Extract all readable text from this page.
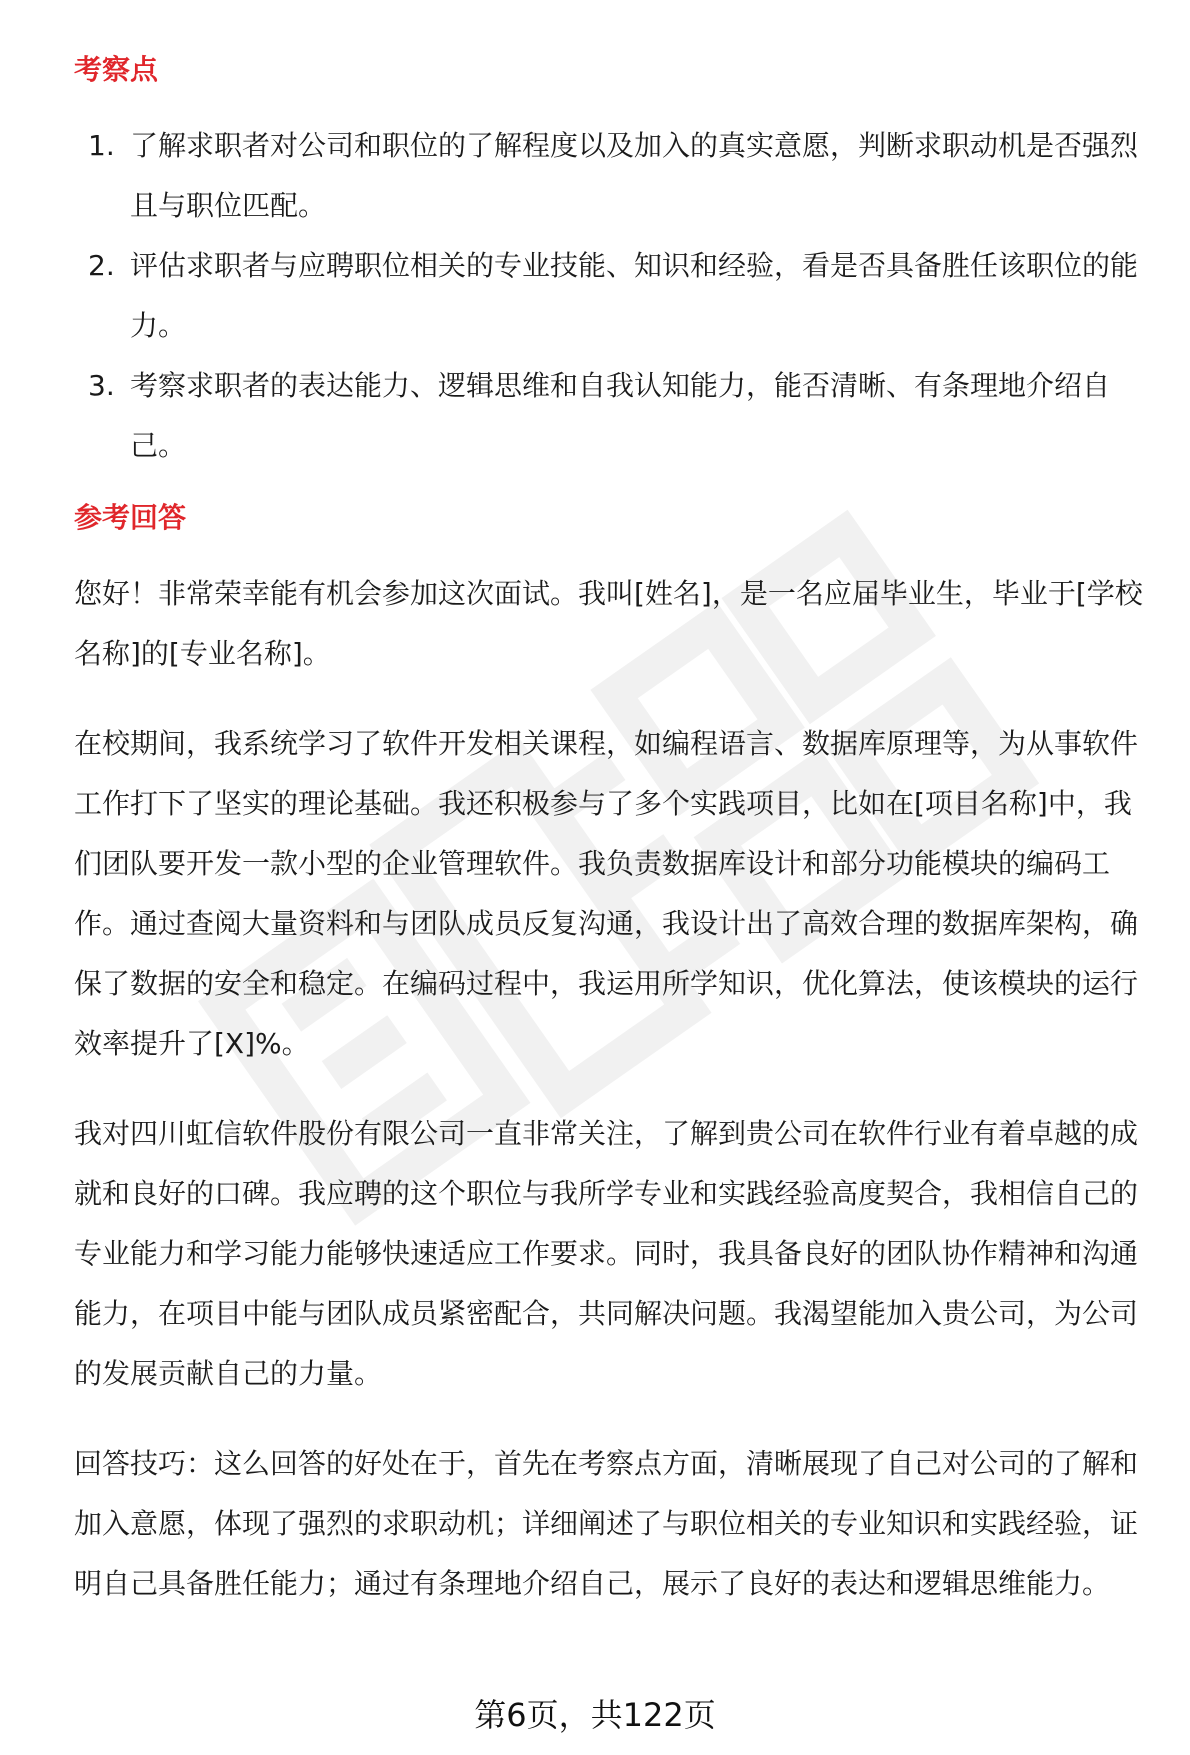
考察点
1. 了解求职者对公司和职位的了解程度以及加入的真实意愿，判断求职动机是否强烈且与职位匹配。
2. 评估求职者与应聘职位相关的专业技能、知识和经验，看是否具备胜任该职位的能力。
3. 考察求职者的表达能力、逻辑思维和自我认知能力，能否清晰、有条理地介绍自己。
参考回答

您好！非常荣幸能有机会参加这次面试。我叫[姓名]，是一名应届毕业生，毕业于[学校名称]的[专业名称]。

在校期间，我系统学习了软件开发相关课程，如编程语言、数据库原理等，为从事软件工作打下了坚实的理论基础。我还积极参与了多个实践项目，比如在[项目名称]中，我们团队要开发一款小型的企业管理软件。我负责数据库设计和部分功能模块的编码工作。通过查阅大量资料和与团队成员反复沟通，我设计出了高效合理的数据库架构，确保了数据的安全和稳定。在编码过程中，我运用所学知识，优化算法，使该模块的运行效率提升了[X]%。

我对四川虹信软件股份有限公司一直非常关注，了解到贵公司在软件行业有着卓越的成就和良好的口碑。我应聘的这个职位与我所学专业和实践经验高度契合，我相信自己的专业能力和学习能力能够快速适应工作要求。同时，我具备良好的团队协作精神和沟通能力，在项目中能与团队成员紧密配合，共同解决问题。我渴望能加入贵公司，为公司的发展贡献自己的力量。

回答技巧：这么回答的好处在于，首先在考察点方面，清晰展现了自己对公司的了解和加入意愿，体现了强烈的求职动机；详细阐述了与职位相关的专业知识和实践经验，证明自己具备胜任能力；通过有条理地介绍自己，展示了良好的表达和逻辑思维能力。

第6页，共122页
